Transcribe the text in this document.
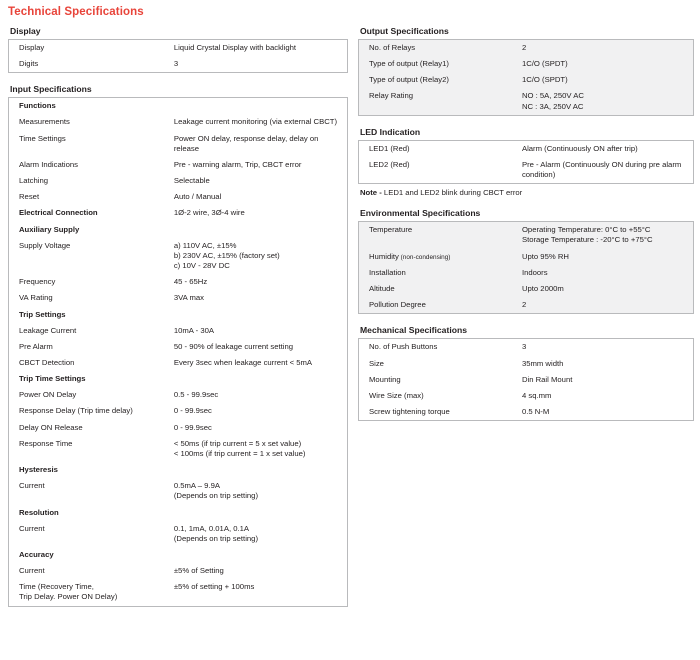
Technical Specifications
Display
Display	Liquid Crystal Display with backlight
Digits	3
Input Specifications
Functions	
Measurements	Leakage current monitoring (via external CBCT)
Time Settings	Power ON delay, response delay, delay on release
Alarm Indications	Pre - warning alarm, Trip, CBCT error
Latching	Selectable
Reset	Auto / Manual
Electrical Connection	1Ø-2 wire, 3Ø-4 wire
Auxiliary Supply	
Supply Voltage	a) 110V AC, ±15%
b) 230V AC, ±15% (factory set)
c) 10V - 28V DC
Frequency	45 - 65Hz
VA Rating	3VA max
Trip Settings	
Leakage Current	10mA - 30A
Pre Alarm	50 - 90% of leakage current setting
CBCT Detection	Every 3sec when leakage current < 5mA
Trip Time Settings	
Power ON Delay	0.5 - 99.9sec
Response Delay (Trip time delay)	0 - 99.9sec
Delay ON Release	0 - 99.9sec
Response Time	< 50ms (if trip current = 5 x set value)
< 100ms (if trip current = 1 x set value)
Hysteresis	
Current	0.5mA – 9.9A
(Depends on trip setting)
Resolution	
Current	0.1, 1mA, 0.01A, 0.1A
(Depends on trip setting)
Accuracy	
Current	±5% of Setting
Time (Recovery Time,
Trip Delay. Power ON Delay)	±5% of setting + 100ms
Output Specifications
No. of Relays	2
Type of output (Relay1)	1C/O (SPDT)
Type of output (Relay2)	1C/O (SPDT)
Relay Rating	NO : 5A, 250V AC
NC : 3A, 250V AC
LED Indication
LED1 (Red)	Alarm (Continuously ON after trip)
LED2 (Red)	Pre - Alarm (Continuously ON during pre alarm condition)
Note - LED1 and LED2 blink during CBCT error
Environmental Specifications
Temperature	Operating Temperature: 0°C to +55°C
Storage Temperature : -20°C to +75°C
Humidity (non-condensing)	Upto 95% RH
Installation	Indoors
Altitude	Upto 2000m
Pollution Degree	2
Mechanical Specifications
No. of Push Buttons	3
Size	35mm width
Mounting	Din Rail Mount
Wire Size (max)	4 sq.mm
Screw tightening torque	0.5 N-M
